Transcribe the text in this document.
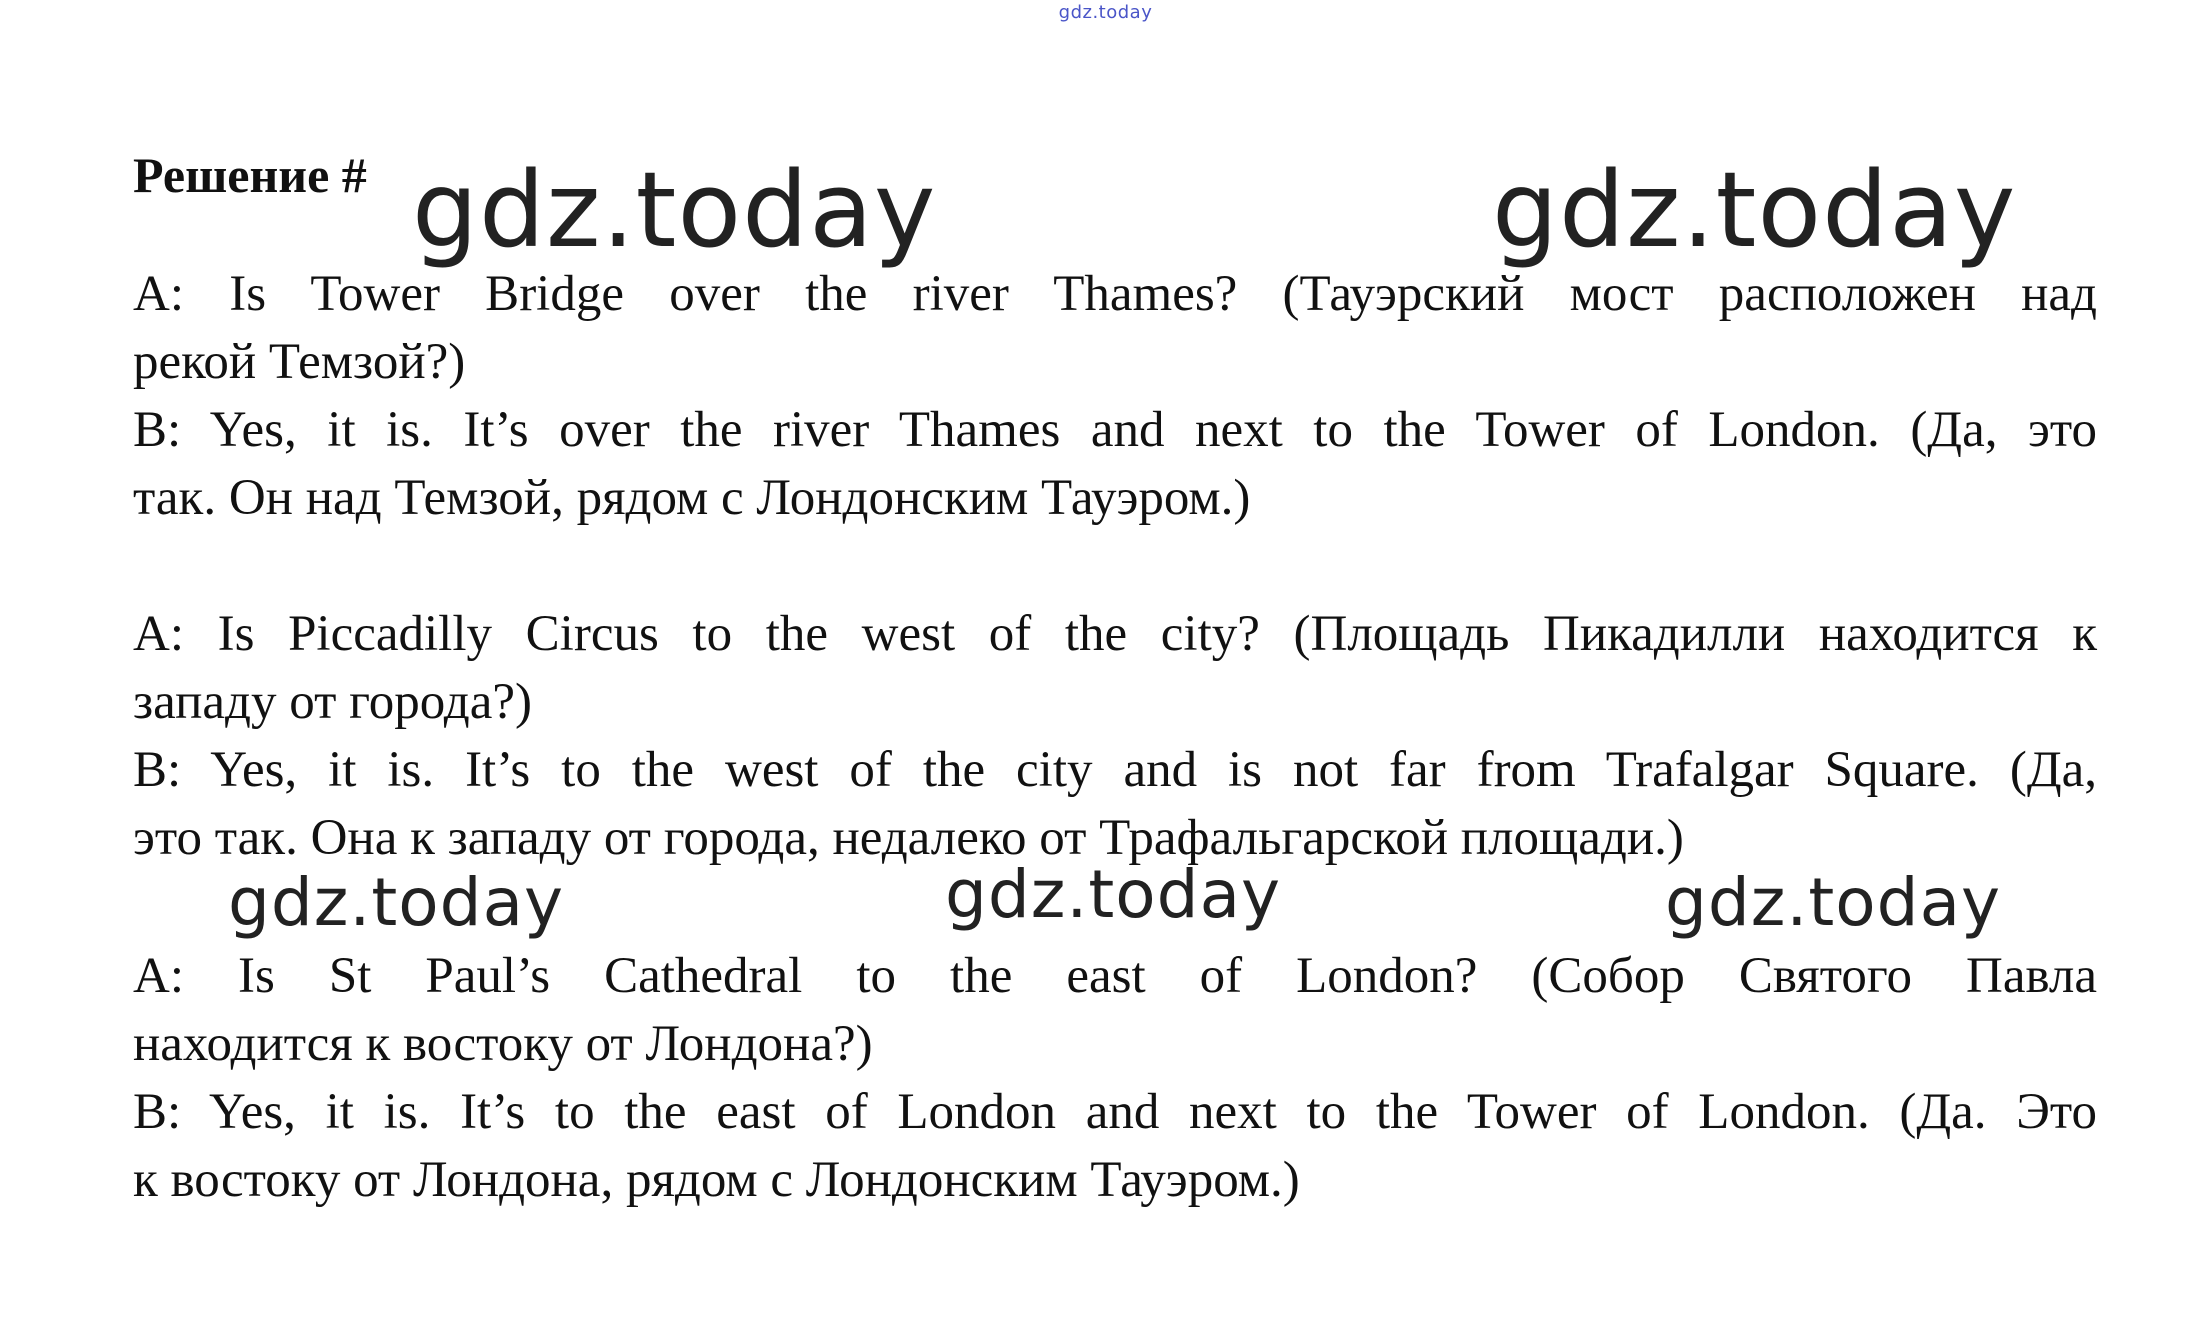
gdz.today
Решение # gdz.today	gdz.today
gdz.today	gdz.today	gdz.today
A: Is Tower Bridge over the river Thames? (Тауэрский мост расположен над
рекой Темзой?)
B: Yes, it is. It’s over the river Thames and next to the Tower of London. (Да, это
так. Он над Темзой, рядом с Лондонским Тауэром.)
A: Is Piccadilly Circus to the west of the city? (Площадь Пикадилли находится к
западу от города?)
B: Yes, it is. It’s to the west of the city and is not far from Trafalgar Square. (Да,
это так. Она к западу от города, недалеко от Трафальгарской площади.)
A: Is St Paul’s Cathedral to the east of London? (Собор Святого Павла
находится к востоку от Лондона?)
B: Yes, it is. It’s to the east of London and next to the Tower of London. (Да. Это
к востоку от Лондона, рядом с Лондонским Тауэром.)
